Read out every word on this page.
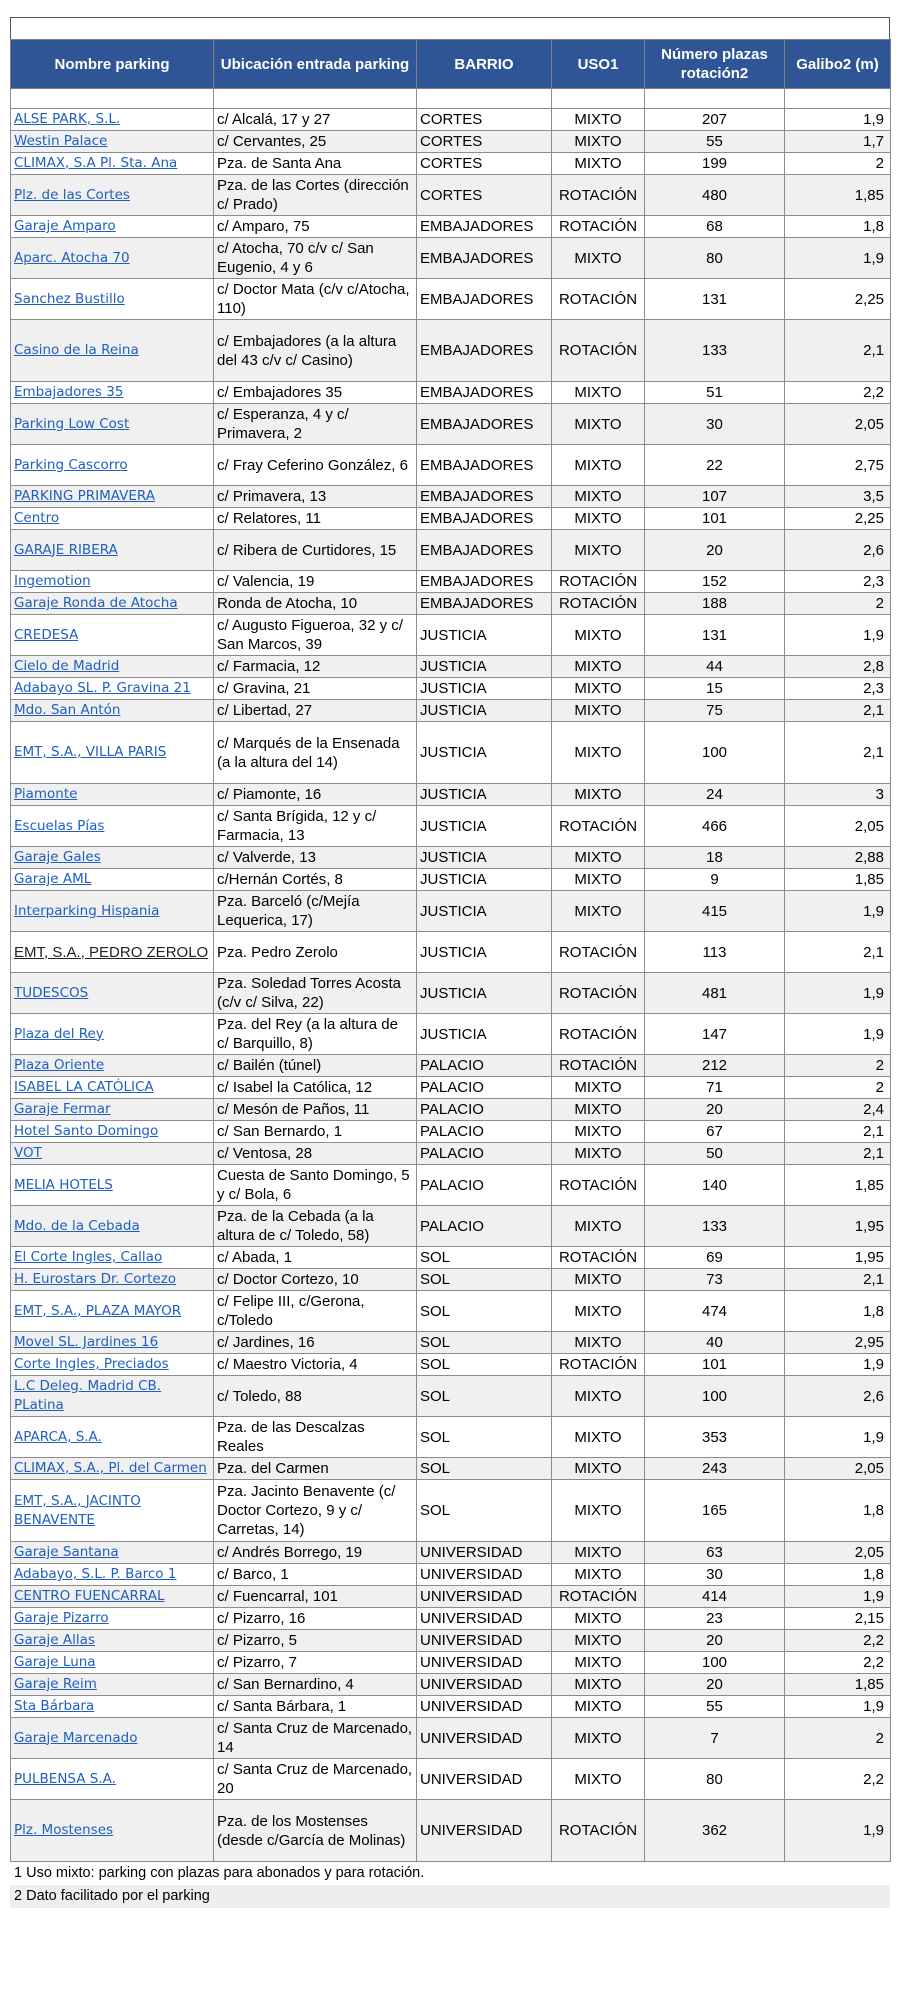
Nombre parking	Ubicación entrada parking	BARRIO	USO1	Número plazas rotación2	Galibo2 (m)

ALSE PARK, S.L.	c/ Alcalá, 17 y 27	CORTES	MIXTO	207	1,9
Westin Palace	c/ Cervantes, 25	CORTES	MIXTO	55	1,7
CLIMAX, S.A Pl. Sta. Ana	Pza. de Santa Ana	CORTES	MIXTO	199	2
Plz. de las Cortes	Pza. de las Cortes (dirección c/ Prado)	CORTES	ROTACIÓN	480	1,85
Garaje Amparo	c/ Amparo, 75	EMBAJADORES	ROTACIÓN	68	1,8
Aparc. Atocha 70	c/ Atocha, 70 c/v c/ San Eugenio, 4 y 6	EMBAJADORES	MIXTO	80	1,9
Sanchez Bustillo	c/ Doctor Mata (c/v c/Atocha, 110)	EMBAJADORES	ROTACIÓN	131	2,25
Casino de la Reina	c/ Embajadores (a la altura del 43 c/v c/ Casino)	EMBAJADORES	ROTACIÓN	133	2,1
Embajadores 35	c/ Embajadores 35	EMBAJADORES	MIXTO	51	2,2
Parking Low Cost	c/ Esperanza, 4 y c/ Primavera, 2	EMBAJADORES	MIXTO	30	2,05
Parking Cascorro	c/ Fray Ceferino González, 6	EMBAJADORES	MIXTO	22	2,75
PARKING PRIMAVERA	c/ Primavera, 13	EMBAJADORES	MIXTO	107	3,5
Centro	c/ Relatores, 11	EMBAJADORES	MIXTO	101	2,25
GARAJE RIBERA	c/ Ribera de Curtidores, 15	EMBAJADORES	MIXTO	20	2,6
Ingemotion	c/ Valencia, 19	EMBAJADORES	ROTACIÓN	152	2,3
Garaje Ronda de Atocha	Ronda de Atocha, 10	EMBAJADORES	ROTACIÓN	188	2
CREDESA	c/ Augusto Figueroa, 32 y c/ San Marcos, 39	JUSTICIA	MIXTO	131	1,9
Cielo de Madrid	c/ Farmacia, 12	JUSTICIA	MIXTO	44	2,8
Adabayo SL. P. Gravina 21	c/ Gravina, 21	JUSTICIA	MIXTO	15	2,3
Mdo. San Antón	c/ Libertad, 27	JUSTICIA	MIXTO	75	2,1
EMT, S.A., VILLA PARIS	c/ Marqués de la Ensenada (a la altura del 14)	JUSTICIA	MIXTO	100	2,1
Piamonte	c/ Piamonte, 16	JUSTICIA	MIXTO	24	3
Escuelas Pías	c/ Santa Brígida, 12 y c/ Farmacia, 13	JUSTICIA	ROTACIÓN	466	2,05
Garaje Gales	c/ Valverde, 13	JUSTICIA	MIXTO	18	2,88
Garaje AML	c/Hernán Cortés, 8	JUSTICIA	MIXTO	9	1,85
Interparking Hispania	Pza. Barceló (c/Mejía Lequerica, 17)	JUSTICIA	MIXTO	415	1,9
EMT, S.A., PEDRO ZEROLO	Pza. Pedro Zerolo	JUSTICIA	ROTACIÓN	113	2,1
TUDESCOS	Pza. Soledad Torres Acosta (c/v c/ Silva, 22)	JUSTICIA	ROTACIÓN	481	1,9
Plaza del Rey	Pza. del Rey (a la altura de c/ Barquillo, 8)	JUSTICIA	ROTACIÓN	147	1,9
Plaza Oriente	c/ Bailén (túnel)	PALACIO	ROTACIÓN	212	2
ISABEL LA CATÓLICA	c/ Isabel la Católica, 12	PALACIO	MIXTO	71	2
Garaje Fermar	c/ Mesón de Paños, 11	PALACIO	MIXTO	20	2,4
Hotel Santo Domingo	c/ San Bernardo, 1	PALACIO	MIXTO	67	2,1
VOT	c/ Ventosa, 28	PALACIO	MIXTO	50	2,1
MELIA HOTELS	Cuesta de Santo Domingo, 5 y c/ Bola, 6	PALACIO	ROTACIÓN	140	1,85
Mdo. de la Cebada	Pza. de la Cebada (a la altura de c/ Toledo, 58)	PALACIO	MIXTO	133	1,95
El Corte Ingles, Callao	c/ Abada, 1	SOL	ROTACIÓN	69	1,95
H. Eurostars Dr. Cortezo	c/ Doctor Cortezo, 10	SOL	MIXTO	73	2,1
EMT, S.A., PLAZA MAYOR	c/ Felipe III, c/Gerona, c/Toledo	SOL	MIXTO	474	1,8
Movel SL. Jardines 16	c/ Jardines, 16	SOL	MIXTO	40	2,95
Corte Ingles, Preciados	c/ Maestro Victoria, 4	SOL	ROTACIÓN	101	1,9
L.C Deleg. Madrid CB. PLatina	c/ Toledo, 88	SOL	MIXTO	100	2,6
APARCA, S.A.	Pza. de las Descalzas Reales	SOL	MIXTO	353	1,9
CLIMAX, S.A., Pl. del Carmen	Pza. del Carmen	SOL	MIXTO	243	2,05
EMT, S.A., JACINTO BENAVENTE	Pza. Jacinto Benavente (c/ Doctor Cortezo, 9 y c/ Carretas, 14)	SOL	MIXTO	165	1,8
Garaje Santana	c/ Andrés Borrego, 19	UNIVERSIDAD	MIXTO	63	2,05
Adabayo, S.L. P. Barco 1	c/ Barco, 1	UNIVERSIDAD	MIXTO	30	1,8
CENTRO FUENCARRAL	c/ Fuencarral, 101	UNIVERSIDAD	ROTACIÓN	414	1,9
Garaje Pizarro	c/ Pizarro, 16	UNIVERSIDAD	MIXTO	23	2,15
Garaje Allas	c/ Pizarro, 5	UNIVERSIDAD	MIXTO	20	2,2
Garaje Luna	c/ Pizarro, 7	UNIVERSIDAD	MIXTO	100	2,2
Garaje Reim	c/ San Bernardino, 4	UNIVERSIDAD	MIXTO	20	1,85
Sta Bárbara	c/ Santa Bárbara, 1	UNIVERSIDAD	MIXTO	55	1,9
Garaje Marcenado	c/ Santa Cruz de Marcenado, 14	UNIVERSIDAD	MIXTO	7	2
PULBENSA S.A.	c/ Santa Cruz de Marcenado, 20	UNIVERSIDAD	MIXTO	80	2,2
Plz. Mostenses	Pza. de los Mostenses (desde c/García de Molinas)	UNIVERSIDAD	ROTACIÓN	362	1,9
1 Uso mixto: parking con plazas para abonados y para rotación.
2 Dato facilitado por el parking
